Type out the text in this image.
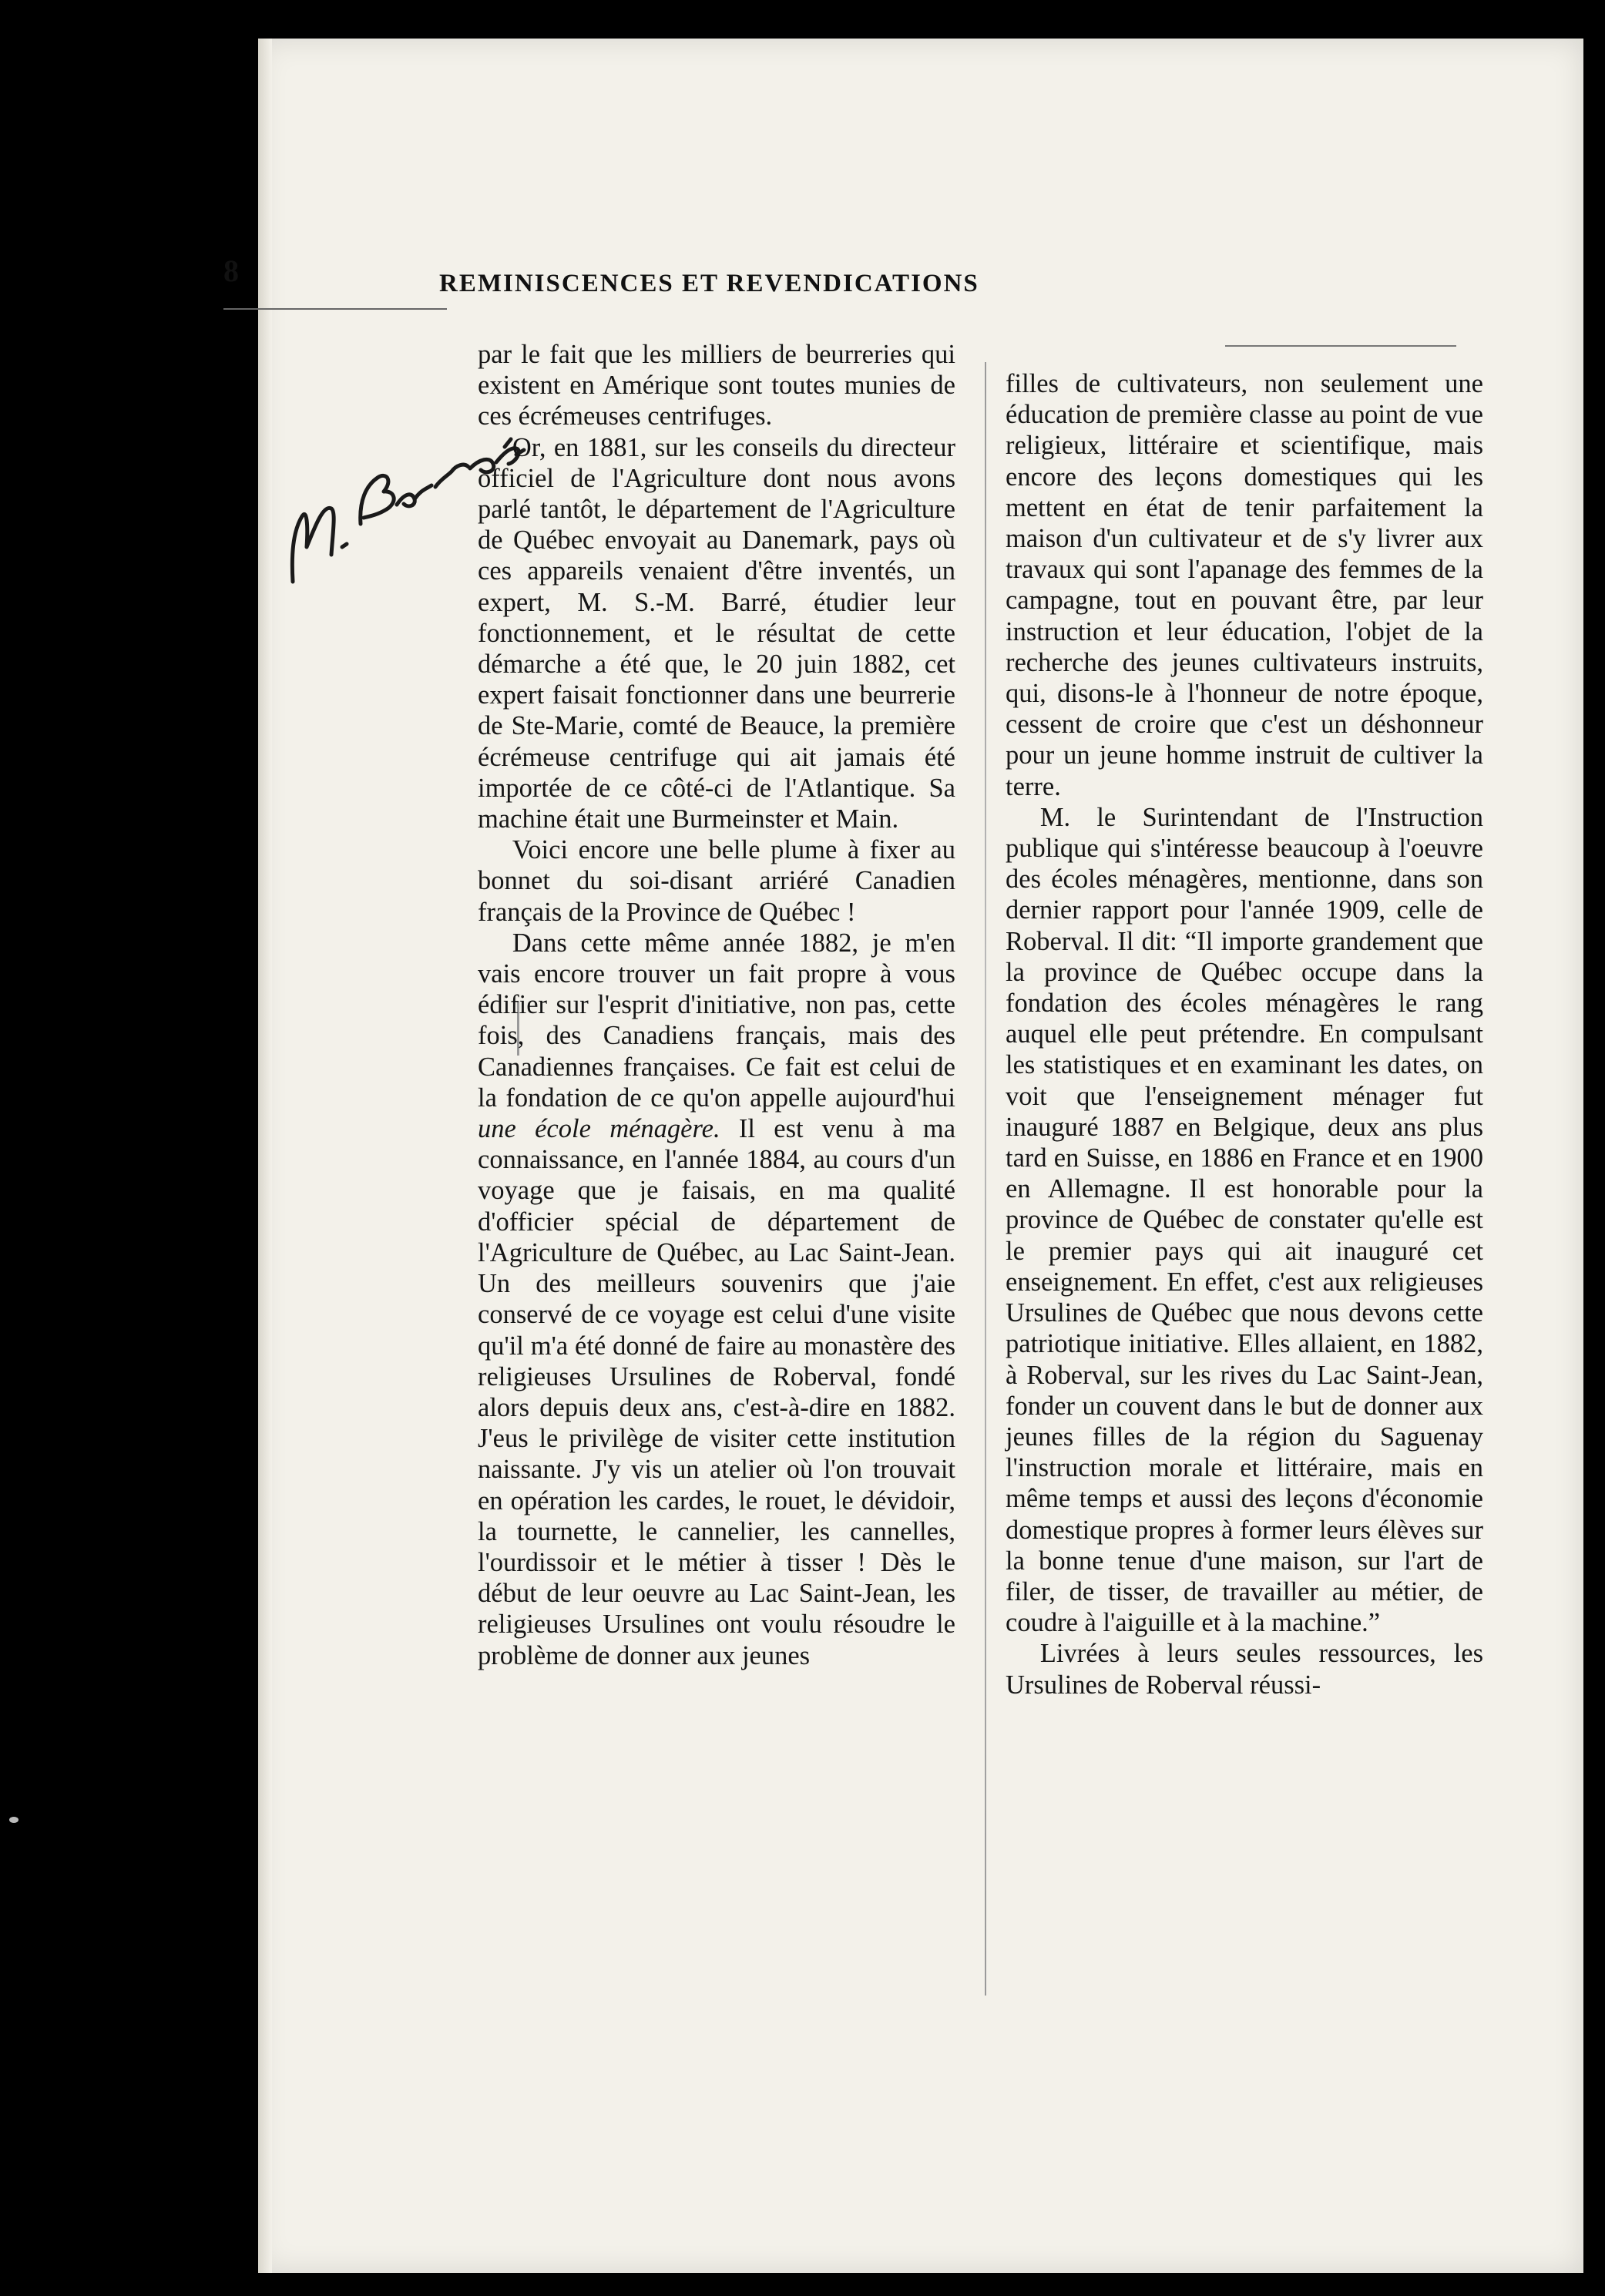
8	REMINISCENCES ET REVENDICATIONS

par le fait que les milliers de beurreries qui existent en Amérique sont toutes munies de ces écrémeuses centrifuges.

Or, en 1881, sur les conseils du directeur officiel de l'Agriculture dont nous avons parlé tantôt, le département de l'Agriculture de Québec envoyait au Danemark, pays où ces appareils venaient d'être inventés, un expert, M. S.-M. Barré, étudier leur fonctionnement, et le résultat de cette démarche a été que, le 20 juin 1882, cet expert faisait fonctionner dans une beurrerie de Ste-Marie, comté de Beauce, la première écrémeuse centrifuge qui ait jamais été importée de ce côté-ci de l'Atlantique. Sa machine était une Burmeinster et Main.

Voici encore une belle plume à fixer au bonnet du soi-disant arriéré Canadien français de la Province de Québec !

Dans cette même année 1882, je m'en vais encore trouver un fait propre à vous édifier sur l'esprit d'initiative, non pas, cette fois, des Canadiens français, mais des Canadiennes françaises. Ce fait est celui de la fondation de ce qu'on appelle aujourd'hui une école ménagère. Il est venu à ma connaissance, en l'année 1884, au cours d'un voyage que je faisais, en ma qualité d'officier spécial de département de l'Agriculture de Québec, au Lac Saint-Jean. Un des meilleurs souvenirs que j'aie conservé de ce voyage est celui d'une visite qu'il m'a été donné de faire au monastère des religieuses Ursulines de Roberval, fondé alors depuis deux ans, c'est-à-dire en 1882. J'eus le privilège de visiter cette institution naissante. J'y vis un atelier où l'on trouvait en opération les cardes, le rouet, le dévidoir, la tournette, le cannelier, les cannelles, l'ourdissoir et le métier à tisser ! Dès le début de leur oeuvre au Lac Saint-Jean, les religieuses Ursulines ont voulu résoudre le problème de donner aux jeunes

filles de cultivateurs, non seulement une éducation de première classe au point de vue religieux, littéraire et scientifique, mais encore des leçons domestiques qui les mettent en état de tenir parfaitement la maison d'un cultivateur et de s'y livrer aux travaux qui sont l'apanage des femmes de la campagne, tout en pouvant être, par leur instruction et leur éducation, l'objet de la recherche des jeunes cultivateurs instruits, qui, disons-le à l'honneur de notre époque, cessent de croire que c'est un déshonneur pour un jeune homme instruit de cultiver la terre.

M. le Surintendant de l'Instruction publique qui s'intéresse beaucoup à l'oeuvre des écoles ménagères, mentionne, dans son dernier rapport pour l'année 1909, celle de Roberval. Il dit: “Il importe grandement que la province de Québec occupe dans la fondation des écoles ménagères le rang auquel elle peut prétendre. En compulsant les statistiques et en examinant les dates, on voit que l'enseignement ménager fut inauguré 1887 en Belgique, deux ans plus tard en Suisse, en 1886 en France et en 1900 en Allemagne. Il est honorable pour la province de Québec de constater qu'elle est le premier pays qui ait inauguré cet enseignement. En effet, c'est aux religieuses Ursulines de Québec que nous devons cette patriotique initiative. Elles allaient, en 1882, à Roberval, sur les rives du Lac Saint-Jean, fonder un couvent dans le but de donner aux jeunes filles de la région du Saguenay l'instruction morale et littéraire, mais en même temps et aussi des leçons d'économie domestique propres à former leurs élèves sur la bonne tenue d'une maison, sur l'art de filer, de tisser, de travailler au métier, de coudre à l'aiguille et à la machine.”

Livrées à leurs seules ressources, les Ursulines de Roberval réussi-
